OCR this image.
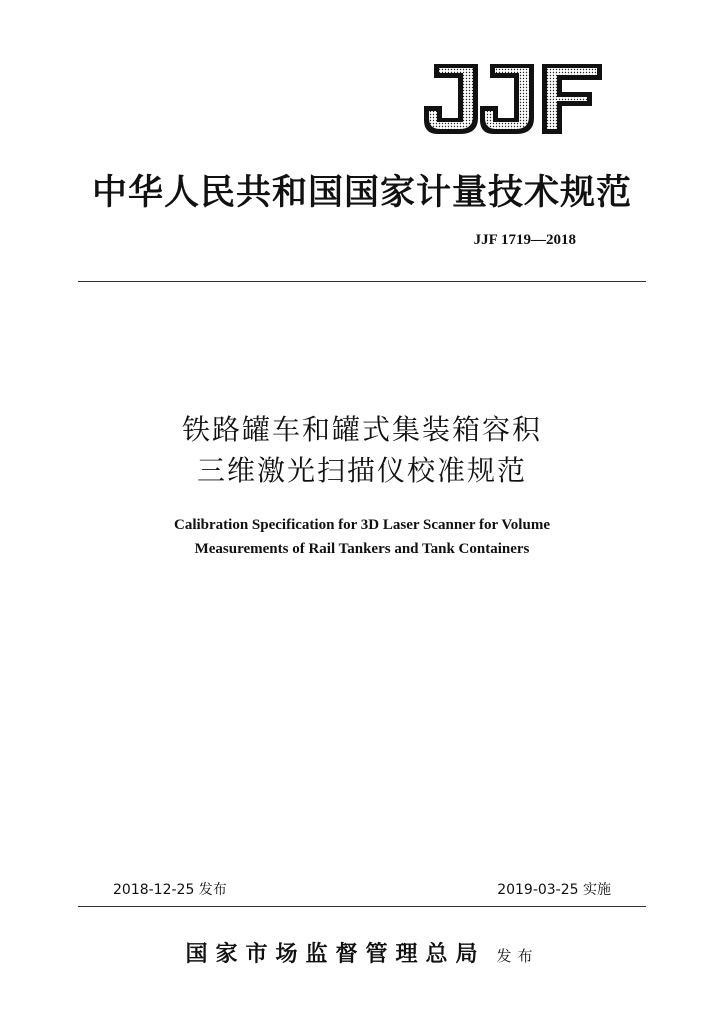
中华人民共和国国家计量技术规范
JJF 1719—2018
铁路罐车和罐式集装箱容积
三维激光扫描仪校准规范
Calibration Specification for 3D Laser Scanner for Volume
Measurements of Rail Tankers and Tank Containers
2018-12-25 发布	2019-03-25 实施
国家市场监督管理总局 发布
